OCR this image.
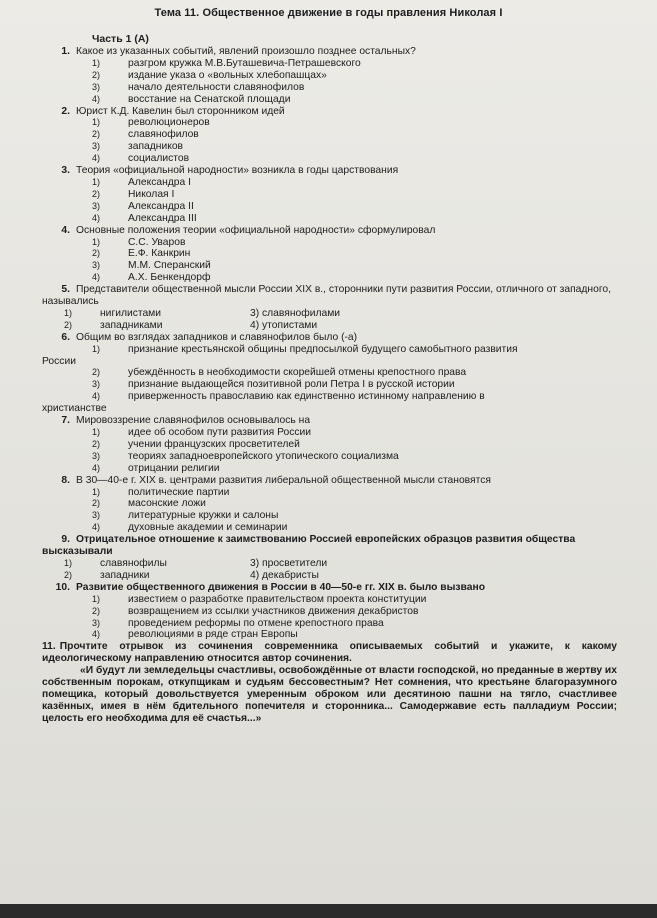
Тема 11. Общественное движение в годы правления Николая I
Часть 1 (А)
1. Какое из указанных событий, явлений произошло позднее остальных?
1)	разгром кружка М.В.Буташевича-Петрашевского
2)	издание указа о «вольных хлебопашцах»
3)	начало деятельности славянофилов
4)	восстание на Сенатской площади
2. Юрист К.Д. Кавелин был сторонником идей
1)	революционеров
2)	славянофилов
3)	западников
4)	социалистов
3. Теория «официальной народности» возникла в годы царствования
1)	Александра I
2)	Николая I
3)	Александра II
4)	Александра III
4. Основные положения теории «официальной народности» сформулировал
1)	С.С. Уваров
2)	Е.Ф. Канкрин
3)	М.М. Сперанский
4)	А.Х. Бенкендорф
5. Представители общественной мысли России XIX в., сторонники пути развития России, отличного от западного, назывались
1)	нигилистами	3) славянофилами
2)	западниками	4) утопистами
6. Общим во взглядах западников и славянофилов было (-а)
1)	признание крестьянской общины предпосылкой будущего самобытного развития
России
2)	убеждённость в необходимости скорейшей отмены крепостного права
3)	признание выдающейся позитивной роли Петра I в русской истории
4)	приверженность православию как единственно истинному направлению в
христианстве
7. Мировоззрение славянофилов основывалось на
1)	идее об особом пути развития России
2)	учении французских просветителей
3)	теориях западноевропейского утопического социализма
4)	отрицании религии
8. В 30—40-е г. XIX в. центрами развития либеральной общественной мысли становятся
1)	политические партии
2)	масонские ложи
3)	литературные кружки и салоны
4)	духовные академии и семинарии
9. Отрицательное отношение к заимствованию Россией европейских образцов развития общества высказывали
1)	славянофилы	3) просветители
2)	западники	4) декабристы
10. Развитие общественного движения в России в 40—50-е гг. XIX в. было вызвано
1)	известием о разработке правительством проекта конституции
2)	возвращением из ссылки участников движения декабристов
3)	проведением реформы по отмене крепостного права
4)	революциями в ряде стран Европы
11. Прочтите отрывок из сочинения современника описываемых событий и укажите, к какому идеологическому направлению относится автор сочинения.
«И будут ли земледельцы счастливы, освобождённые от власти господской, но преданные в жертву их собственным порокам, откупщикам и судьям бессовестным? Нет сомнения, что крестьяне благоразумного помещика, который довольствуется умеренным оброком или десятиною пашни на тягло, счастливее казённых, имея в нём бдительного попечителя и сторонника... Самодержавие есть палладиум России; целость его необходима для её счастья...»
